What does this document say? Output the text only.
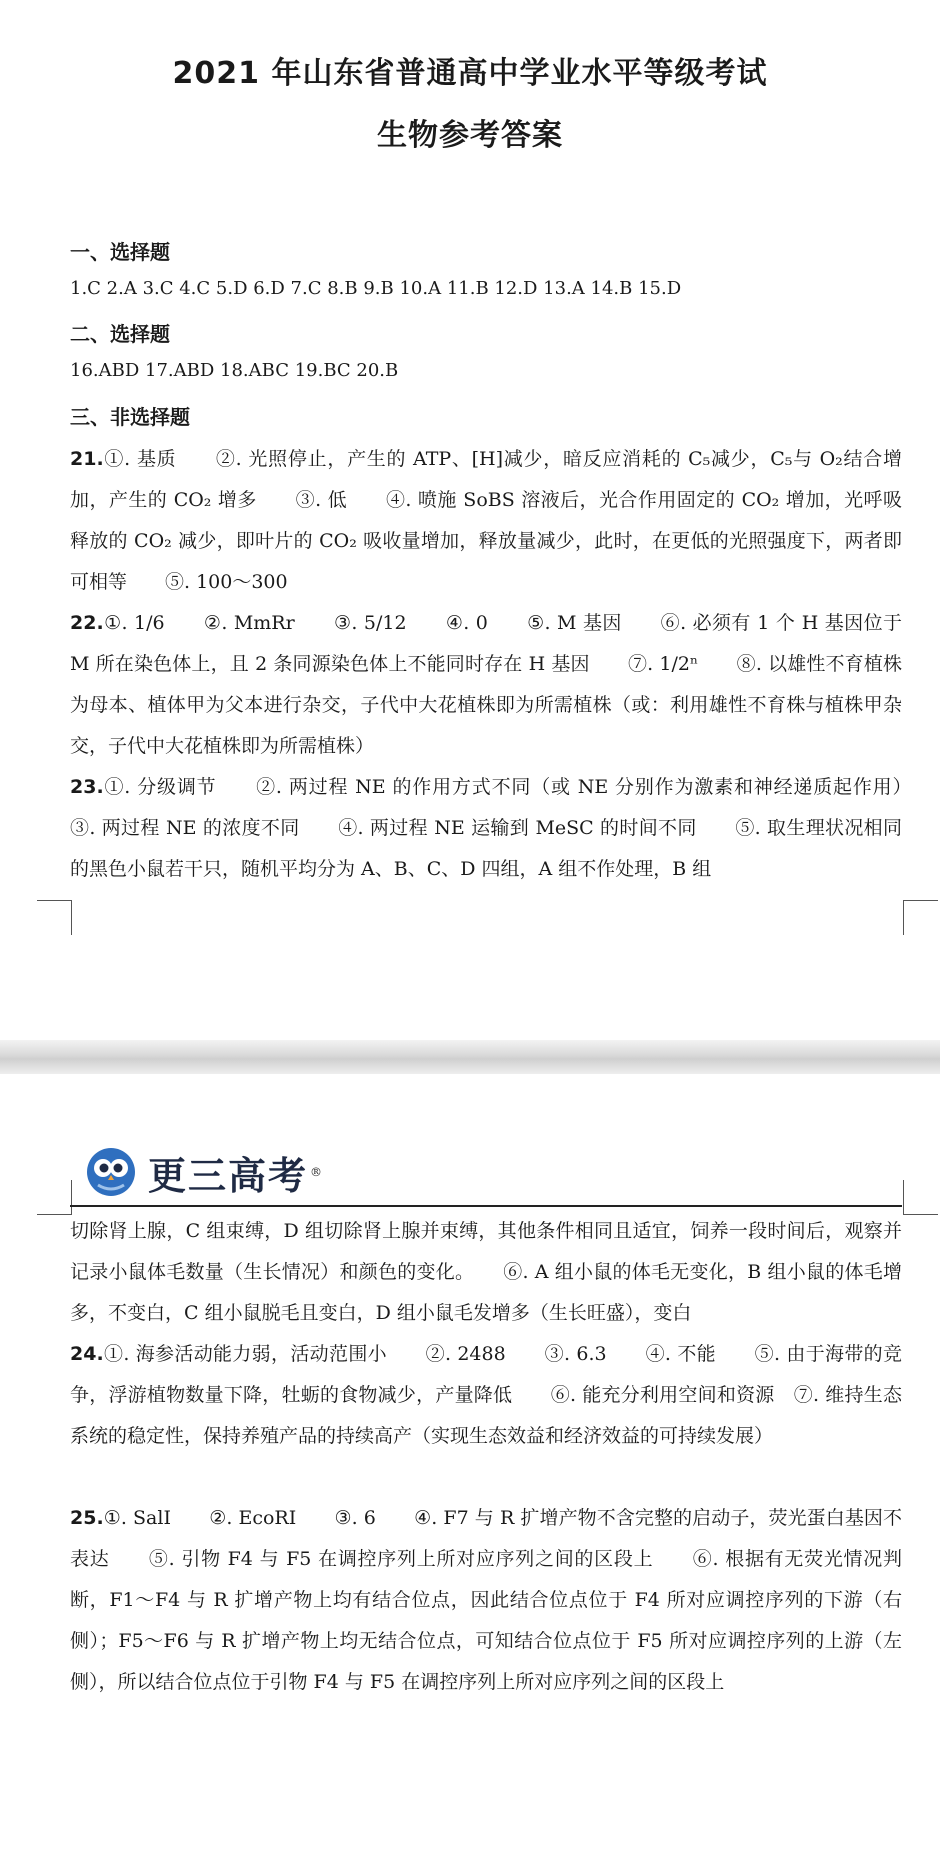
2021 年山东省普通高中学业水平等级考试
生物参考答案
一、选择题
1.C 2.A 3.C 4.C 5.D 6.D 7.C 8.B 9.B 10.A 11.B 12.D 13.A 14.B 15.D
二、选择题
16.ABD 17.ABD 18.ABC 19.BC 20.B
三、非选择题
21.①. 基质　　②. 光照停止，产生的 ATP、[H]减少，暗反应消耗的 C₅减少，C₅与 O₂结合增加，产生的 CO₂ 增多　　③. 低　　④. 喷施 SoBS 溶液后，光合作用固定的 CO₂ 增加，光呼吸释放的 CO₂ 减少，即叶片的 CO₂ 吸收量增加，释放量减少，此时，在更低的光照强度下，两者即可相等　　⑤. 100～300
22.①. 1/6　　②. MmRr　　③. 5/12　　④. 0　　⑤. M 基因　　⑥. 必须有 1 个 H 基因位于 M 所在染色体上，且 2 条同源染色体上不能同时存在 H 基因　　⑦. 1/2ⁿ　　⑧. 以雄性不育植株为母本、植体甲为父本进行杂交，子代中大花植株即为所需植株（或：利用雄性不育株与植株甲杂交，子代中大花植株即为所需植株）
23.①. 分级调节　　②. 两过程 NE 的作用方式不同（或 NE 分别作为激素和神经递质起作用）　　③. 两过程 NE 的浓度不同　　④. 两过程 NE 运输到 MeSC 的时间不同　　⑤. 取生理状况相同的黑色小鼠若干只，随机平均分为 A、B、C、D 四组，A 组不作处理，B 组
更三高考 ®
切除肾上腺，C 组束缚，D 组切除肾上腺并束缚，其他条件相同且适宜，饲养一段时间后，观察并记录小鼠体毛数量（生长情况）和颜色的变化。　　⑥. A 组小鼠的体毛无变化，B 组小鼠的体毛增多，不变白，C 组小鼠脱毛且变白，D 组小鼠毛发增多（生长旺盛），变白
24.①. 海参活动能力弱，活动范围小　　②. 2488　　③. 6.3　　④. 不能　　⑤. 由于海带的竞争，浮游植物数量下降，牡蛎的食物减少，产量降低　　⑥. 能充分利用空间和资源　⑦. 维持生态系统的稳定性，保持养殖产品的持续高产（实现生态效益和经济效益的可持续发展）
25.①. SalI　　②. EcoRI　　③. 6　　④. F7 与 R 扩增产物不含完整的启动子，荧光蛋白基因不表达　　⑤. 引物 F4 与 F5 在调控序列上所对应序列之间的区段上　　⑥. 根据有无荧光情况判断，F1～F4 与 R 扩增产物上均有结合位点，因此结合位点位于 F4 所对应调控序列的下游（右侧）；F5～F6 与 R 扩增产物上均无结合位点，可知结合位点位于 F5 所对应调控序列的上游（左侧），所以结合位点位于引物 F4 与 F5 在调控序列上所对应序列之间的区段上
